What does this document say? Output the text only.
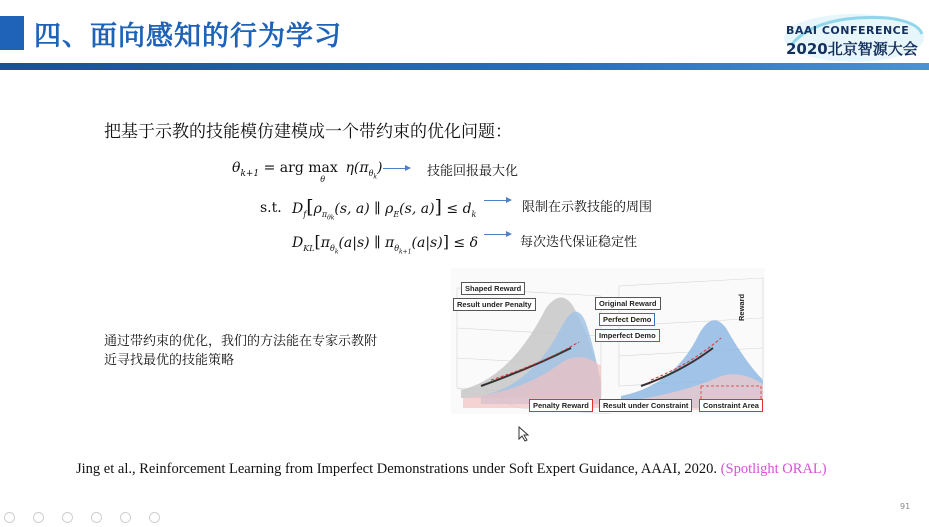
四、面向感知的行为学习	BAAI CONFERENCE
2020北京智源大会
把基于示教的技能模仿建模成一个带约束的优化问题：
$\theta_{k+1}$ = arg max $_\theta$ $\eta(\pi_{\theta_k})$	技能回报最大化
s.t. $D_f[\rho_{\pi_{\theta k}}(s$, a) ∥ $\rho_E(s$, $a)] \le d_k$	限制在示教技能的周围
$D_{KL}[\pi_{\theta_k}(a|s)$ ∥ $\pi_{\theta_{k+1}}(a|s)] \le \delta$	每次迭代保证稳定性
通过带约束的优化，我们的方法能在专家示教附
近寻找最优的技能策略
Shaped Reward
Result under Penalty	Original Reward
Perfect Demo
Imperfect Demo
Reward
Penalty Reward	Result under Constraint	Constraint Area
Jing et al., Reinforcement Learning from Imperfect Demonstrations under Soft Expert Guidance, AAAI, 2020. (Spotlight ORAL)

91
